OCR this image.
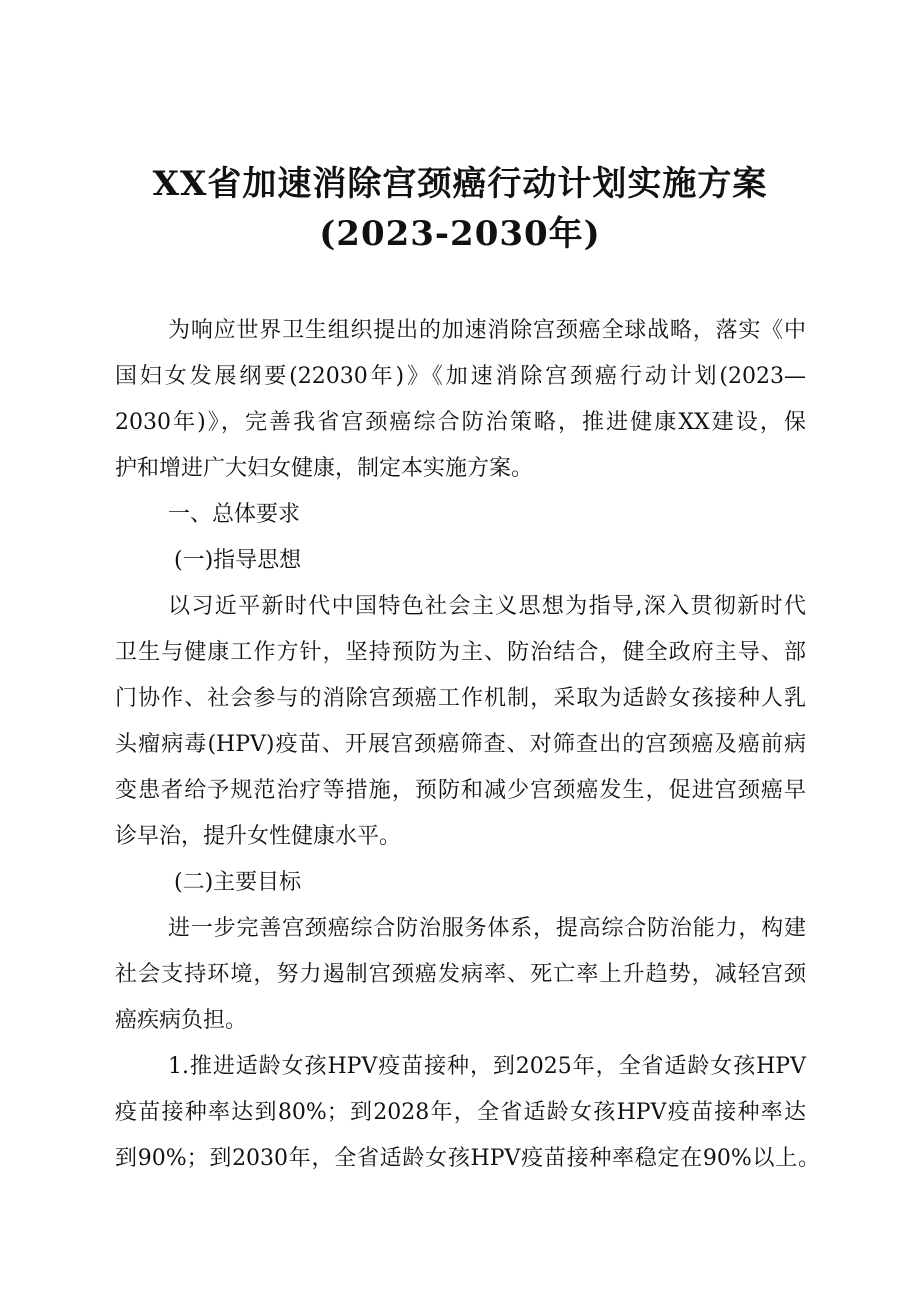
XX省加速消除宫颈癌行动计划实施方案
(2023-2030年)
为响应世界卫生组织提出的加速消除宫颈癌全球战略，落实《中
国妇女发展纲要(22030年)》《加速消除宫颈癌行动计划(2023—
2030年)》，完善我省宫颈癌综合防治策略，推进健康XX建设，保
护和增进广大妇女健康，制定本实施方案。
一、总体要求
(一)指导思想
以习近平新时代中国特色社会主义思想为指导,深入贯彻新时代
卫生与健康工作方针，坚持预防为主、防治结合，健全政府主导、部
门协作、社会参与的消除宫颈癌工作机制，采取为适龄女孩接种人乳
头瘤病毒(HPV)疫苗、开展宫颈癌筛查、对筛查出的宫颈癌及癌前病
变患者给予规范治疗等措施，预防和减少宫颈癌发生，促进宫颈癌早
诊早治，提升女性健康水平。
(二)主要目标
进一步完善宫颈癌综合防治服务体系，提高综合防治能力，构建
社会支持环境，努力遏制宫颈癌发病率、死亡率上升趋势，减轻宫颈
癌疾病负担。
1.推进适龄女孩HPV疫苗接种，到2025年，全省适龄女孩HPV
疫苗接种率达到80%；到2028年，全省适龄女孩HPV疫苗接种率达
到90%；到2030年，全省适龄女孩HPV疫苗接种率稳定在90%以上。
